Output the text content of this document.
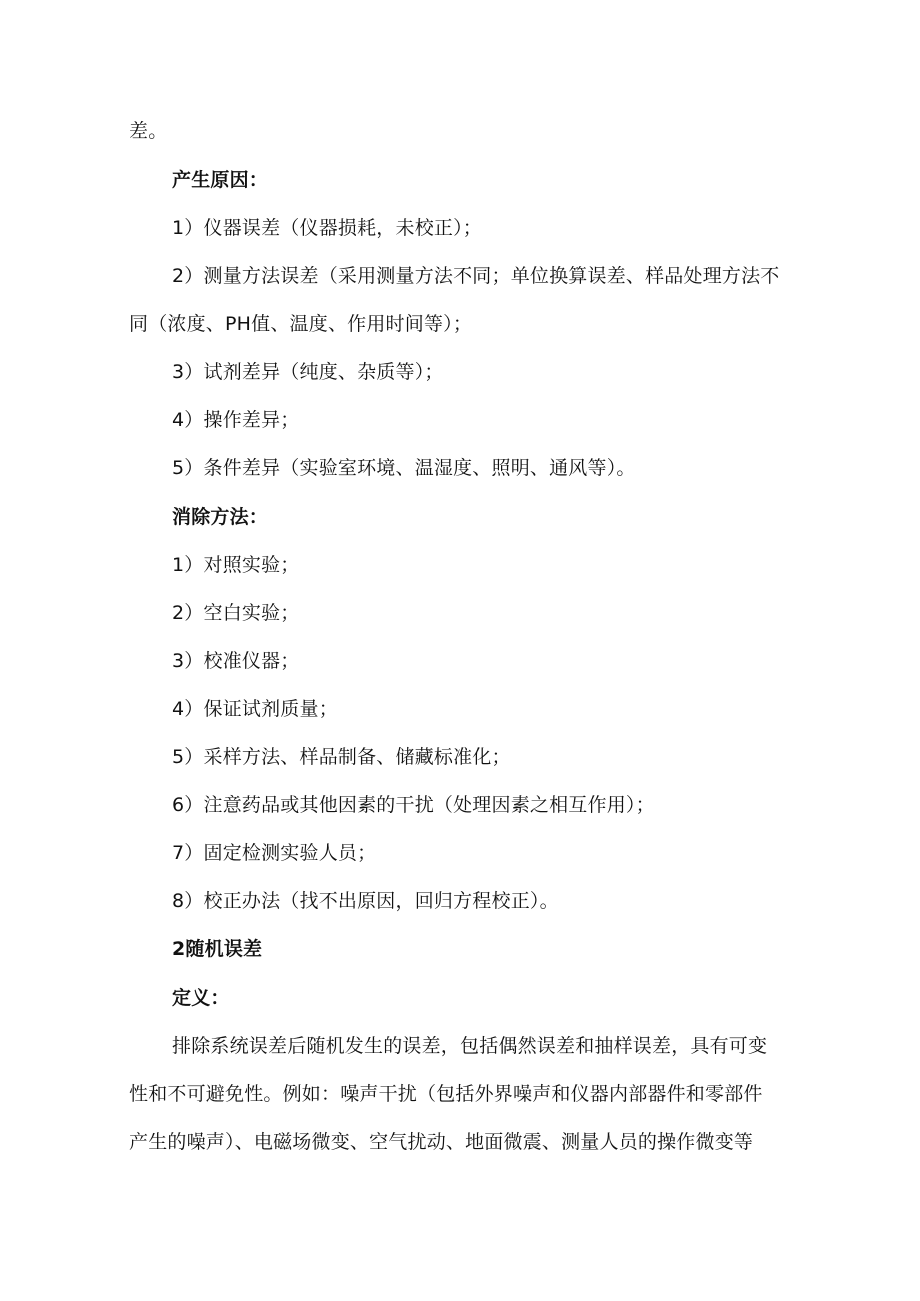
差。
产生原因：
1）仪器误差（仪器损耗，未校正）；
2）测量方法误差（采用测量方法不同；单位换算误差、样品处理方法不
同（浓度、PH值、温度、作用时间等）；
3）试剂差异（纯度、杂质等）；
4）操作差异；
5）条件差异（实验室环境、温湿度、照明、通风等）。
消除方法：
1）对照实验；
2）空白实验；
3）校准仪器；
4）保证试剂质量；
5）采样方法、样品制备、储藏标准化；
6）注意药品或其他因素的干扰（处理因素之相互作用）；
7）固定检测实验人员；
8）校正办法（找不出原因，回归方程校正）。
2随机误差
定义：
排除系统误差后随机发生的误差，包括偶然误差和抽样误差，具有可变
性和不可避免性。例如：噪声干扰（包括外界噪声和仪器内部器件和零部件
产生的噪声）、电磁场微变、空气扰动、地面微震、测量人员的操作微变等
